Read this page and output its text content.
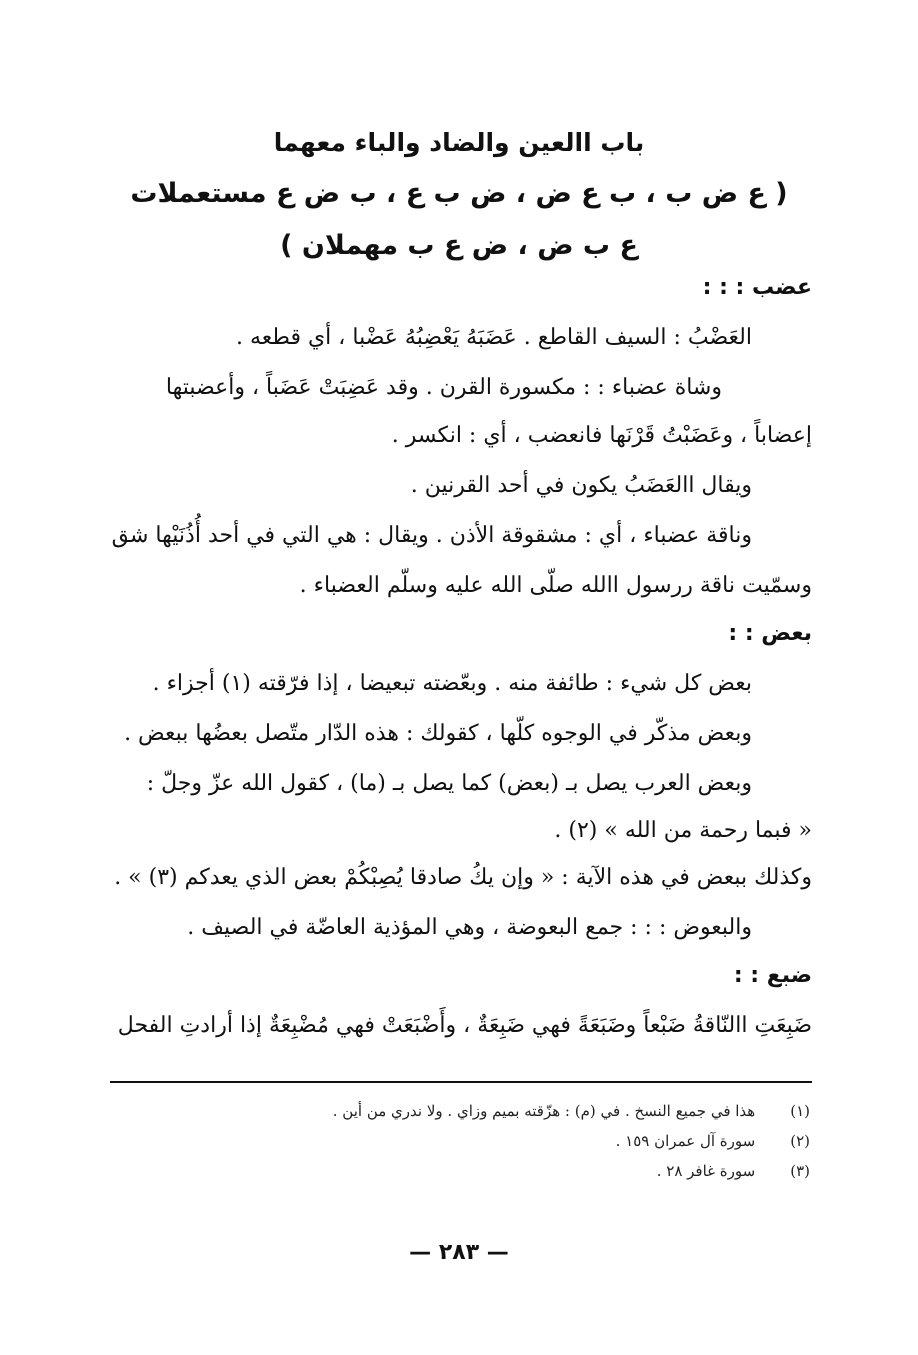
باب االعين والضاد والباء معهما
( ع ض ب ، ب ع ض ، ض ب ع ، ب ض ع مستعملات
ع ب ض ، ض ع ب مهملان )
عضب : : :
العَضْبُ : السيف القاطع . عَضَبَهُ يَعْضِبُهُ عَضْبا ، أي قطعه .
وشاة عضباء : : مكسورة القرن . وقد عَضِبَتْ عَضَباً ، وأعضبتها
إعضاباً ، وعَضَبْتُ قَرْنَها فانعضب ، أي : انكسر .
ويقال االعَضَبُ يكون في أحد القرنين .
وناقة عضباء ، أي : مشقوقة الأذن . ويقال : هي التي في أحد أُذُنَيْها شق
وسمّيت ناقة ررسول االله صلّى الله عليه وسلّم العضباء .
بعض : :
بعض كل شيء : طائفة منه . وبعّضته تبعيضا ، إذا فرّقته (١) أجزاء .
وبعض مذكّر في الوجوه كلّها ، كقولك : هذه الدّار متّصل بعضُها ببعض .
وبعض العرب يصل بـ (بعض) كما يصل بـ (ما) ، كقول الله عزّ وجلّ :
« فبما رحمة من الله » (٢) .
وكذلك ببعض في هذه الآية : « وإن يكُ صادقا يُصِبْكُمْ بعض الذي يعدكم (٣) » .
والبعوض : : : جمع البعوضة ، وهي المؤذية العاضّة في الصيف .
ضبع : :
ضَبِعَتِ االنّاقةُ ضَبْعاً وضَبَعَةً فهي ضَبِعَةٌ ، وأَضْبَعَتْ فهي مُضْبِعَةٌ إذا أرادتِ الفحل
(١) هذا في جميع النسخ . في (م) : هزّقته بميم وزاي . ولا ندري من أين .
(٢) سورة آل عمران ١٥٩ .
(٣) سورة غافر ٢٨ .
— ٢٨٣ —
